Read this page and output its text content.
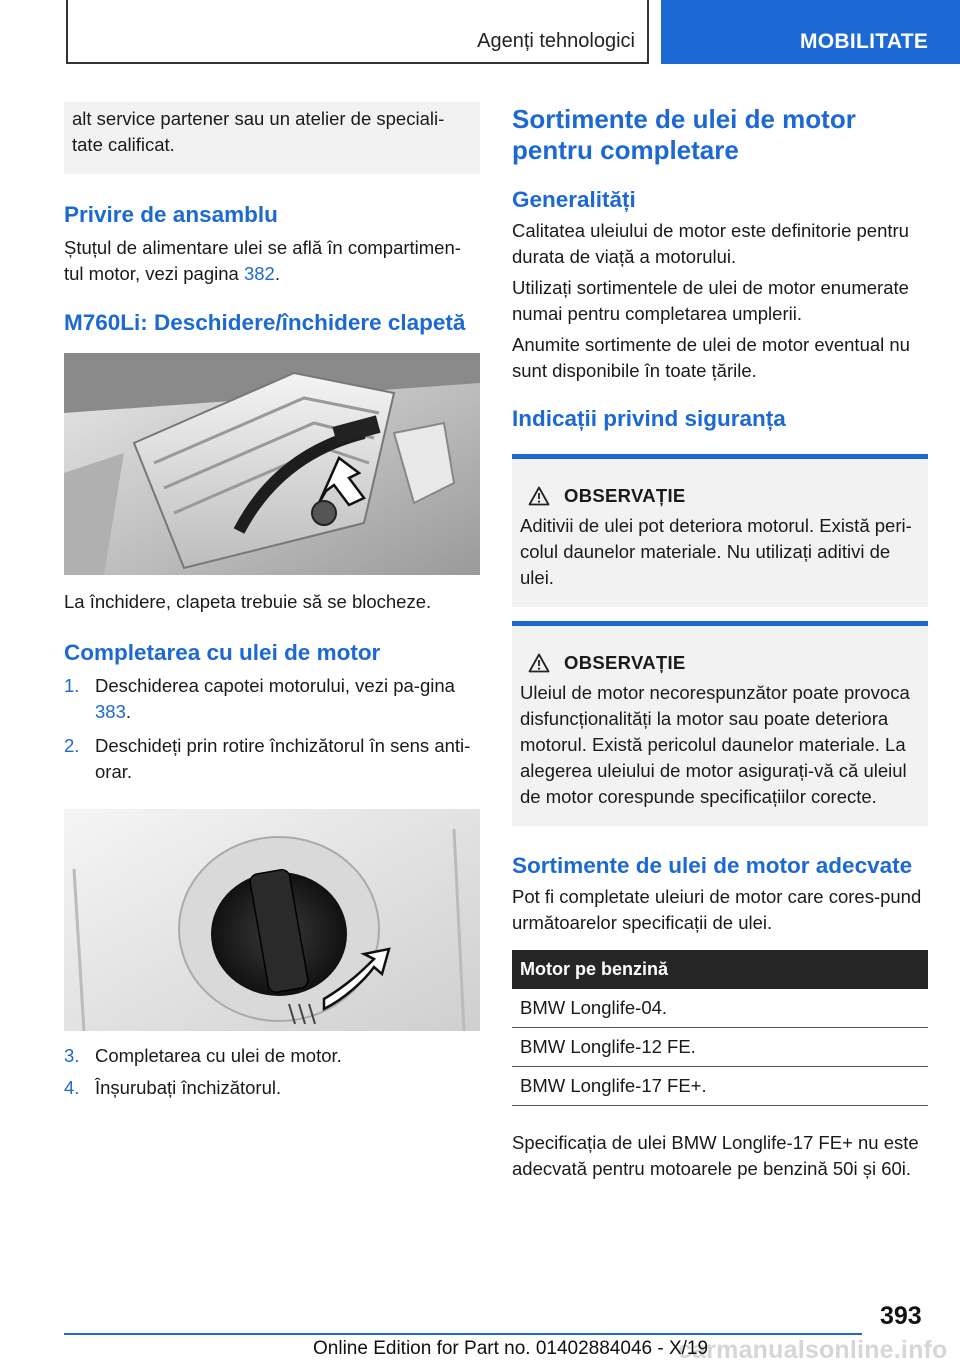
Agenți tehnologici	MOBILITATE

alt service partener sau un atelier de speciali-tate calificat.

Privire de ansamblu

Ștuțul de alimentare ulei se află în compartimen-tul motor, vezi pagina 382.

M760Li: Deschidere/închidere clapetă

La închidere, clapeta trebuie să se blocheze.

Completarea cu ulei de motor
1. Deschiderea capotei motorului, vezi pa-gina 383.
2. Deschideți prin rotire închizătorul în sens anti-orar.
3. Completarea cu ulei de motor.
4. Înșurubați închizătorul.
Sortimente de ulei de motor pentru completare
Generalități

Calitatea uleiului de motor este definitorie pentru durata de viață a motorului.

Utilizați sortimentele de ulei de motor enumerate numai pentru completarea umplerii.

Anumite sortimente de ulei de motor eventual nu sunt disponibile în toate țările.

Indicații privind siguranța
OBSERVAȚIE

Aditivii de ulei pot deteriora motorul. Există peri-colul daunelor materiale. Nu utilizați aditivi de ulei.

OBSERVAȚIE

Uleiul de motor necorespunzător poate provoca disfuncționalități la motor sau poate deteriora motorul. Există pericolul daunelor materiale. La alegerea uleiului de motor asigurați-vă că uleiul de motor corespunde specificațiilor corecte.

Sortimente de ulei de motor adecvate

Pot fi completate uleiuri de motor care cores-pund următoarelor specificații de ulei.

Motor pe benzină
BMW Longlife-04.
BMW Longlife-12 FE.
BMW Longlife-17 FE+.

Specificația de ulei BMW Longlife-17 FE+ nu este adecvată pentru motoarele pe benzină 50i și 60i.

393
carmanualsonline.info
Online Edition for Part no. 01402884046 - X/19
